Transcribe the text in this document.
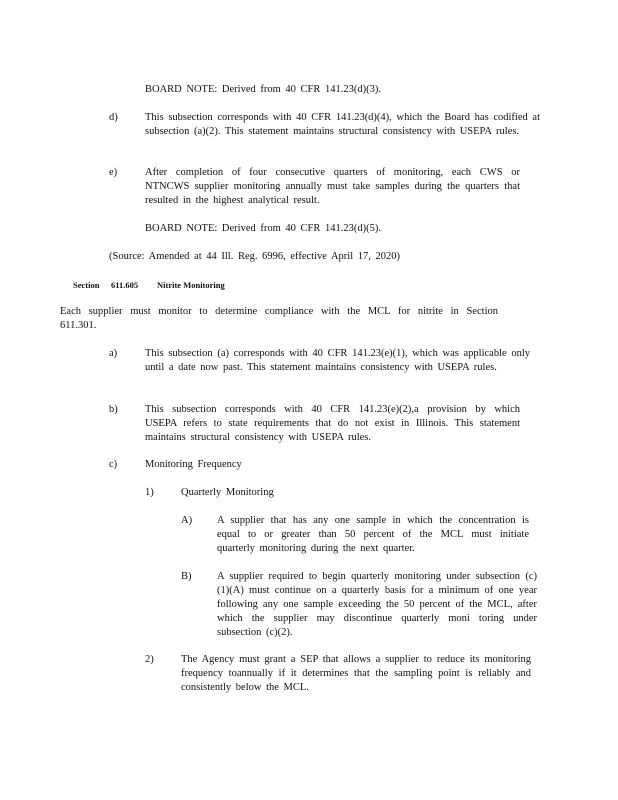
BOARD NOTE: Derived from 40 CFR 141.23(d)(3).

d)	This subsection corresponds with 40 CFR 141.23(d)(4), which the Board has codified at subsection (a)(2). This statement maintains structural consistency with USEPA rules.

e)	After completion of four consecutive quarters of monitoring, each CWS or NTNCWS supplier monitoring annually must take samples during the quarters that resulted in the highest analytical result.

BOARD NOTE: Derived from 40 CFR 141.23(d)(5).

(Source: Amended at 44 Ill. Reg. 6996, effective April 17, 2020)

Section 611.605 Nitrite Monitoring

Each supplier must monitor to determine compliance with the MCL for nitrite in Section 611.301.

a)	This subsection (a) corresponds with 40 CFR 141.23(e)(1), which was applicable only until a date now past. This statement maintains consistency with USEPA rules.

b)	This subsection corresponds with 40 CFR 141.23(e)(2),a provision by which USEPA refers to state requirements that do not exist in Illinois. This statement maintains structural consistency with USEPA rules.

c)	Monitoring Frequency

1)	Quarterly Monitoring

A) A supplier that has any one sample in which the concentration is equal to or greater than 50 percent of the MCL must initiate quarterly monitoring during the next quarter.

B) A supplier required to begin quarterly monitoring under subsection (c)(1)(A) must continue on a quarterly basis for a minimum of one year following any one sample exceeding the 50 percent of the MCL, after which the supplier may discontinue quarterly moni toring under subsection (c)(2).

2)	The Agency must grant a SEP that allows a supplier to reduce its monitoring frequency toannually if it determines that the sampling point is reliably and consistently below the MCL.
